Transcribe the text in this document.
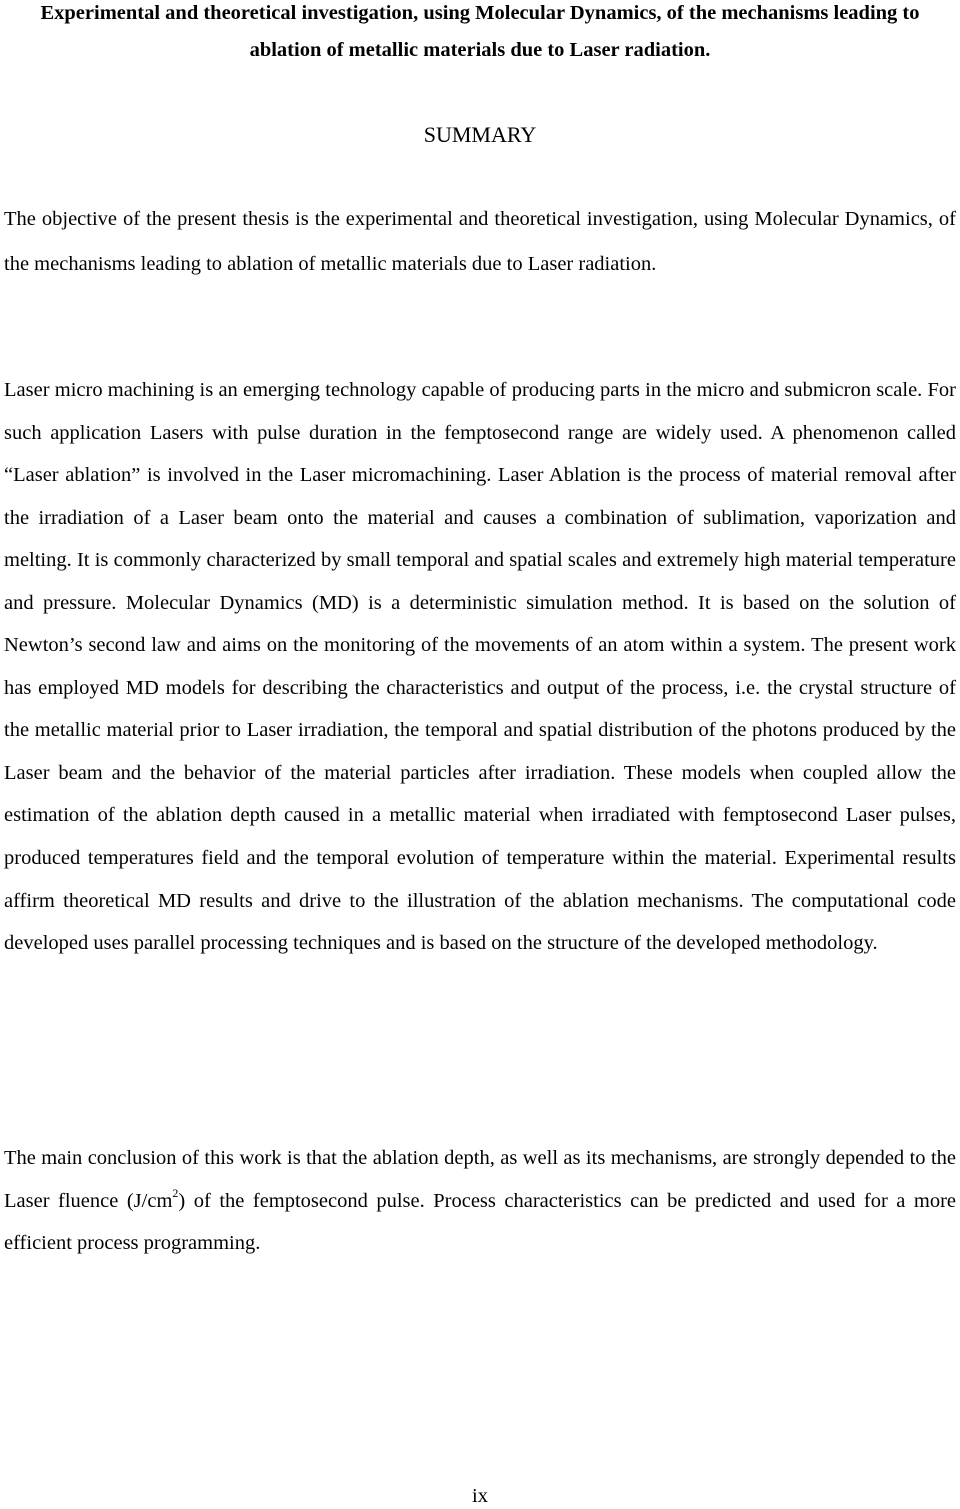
Experimental and theoretical investigation, using Molecular Dynamics, of the mechanisms leading to ablation of metallic materials due to Laser radiation.
SUMMARY

The objective of the present thesis is the experimental and theoretical investigation, using Molecular Dynamics, of the mechanisms leading to ablation of metallic materials due to Laser radiation.

Laser micro machining is an emerging technology capable of producing parts in the micro and submicron scale. For such application Lasers with pulse duration in the femptosecond range are widely used. A phenomenon called “Laser ablation” is involved in the Laser micromachining. Laser Ablation is the process of material removal after the irradiation of a Laser beam onto the material and causes a combination of sublimation, vaporization and melting. It is commonly characterized by small temporal and spatial scales and extremely high material temperature and pressure. Molecular Dynamics (MD) is a deterministic simulation method. It is based on the solution of Newton’s second law and aims on the monitoring of the movements of an atom within a system. The present work has employed MD models for describing the characteristics and output of the process, i.e. the crystal structure of the metallic material prior to Laser irradiation, the temporal and spatial distribution of the photons produced by the Laser beam and the behavior of the material particles after irradiation. These models when coupled allow the estimation of the ablation depth caused in a metallic material when irradiated with femptosecond Laser pulses, produced temperatures field and the temporal evolution of temperature within the material. Experimental results affirm theoretical MD results and drive to the illustration of the ablation mechanisms. The computational code developed uses parallel processing techniques and is based on the structure of the developed methodology.

The main conclusion of this work is that the ablation depth, as well as its mechanisms, are strongly depended to the Laser fluence $(J/cm^2)$ of the femptosecond pulse. Process characteristics can be predicted and used for a more efficient process programming.

ix
